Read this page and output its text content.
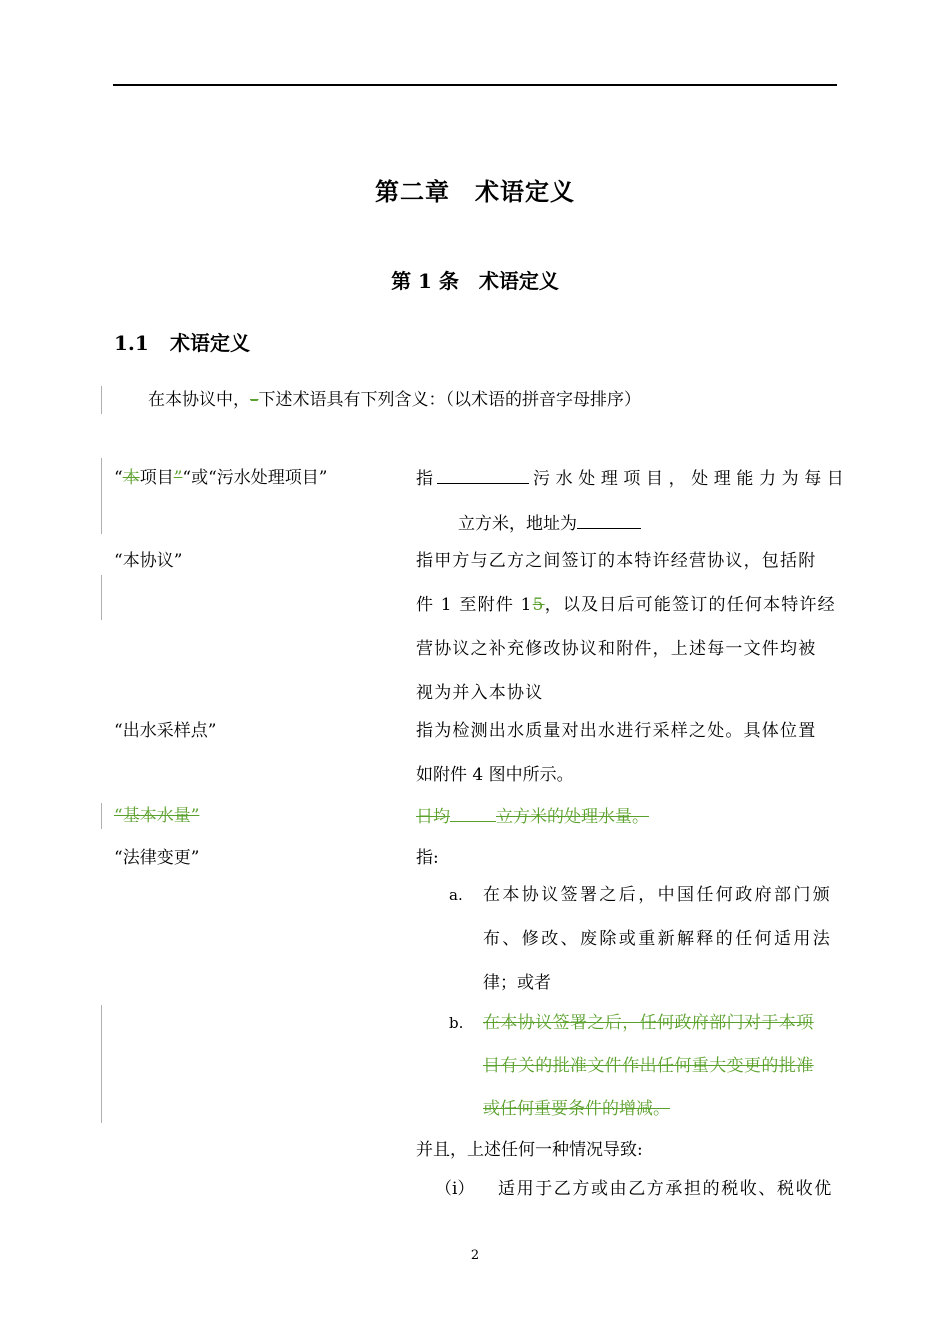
第二章　术语定义
第 1 条　术语定义
1.1 术语定义
在本协议中，–下述术语具有下列含义：（以术语的拼音字母排序）
“本项目”“或“污水处理项目”	指	污水处理项目，处理能力为每日
立方米，地址为
“本协议”	指甲方与乙方之间签订的本特许经营协议，包括附
件 1 至附件 15，以及日后可能签订的任何本特许经
营协议之补充修改协议和附件，上述每一文件均被
视为并入本协议
“出水采样点”	指为检测出水质量对出水进行采样之处。具体位置
如附件 4 图中所示。
“基本水量”	日均	立方米的处理水量。
“法律变更”	指:
a. 在本协议签署之后，中国任何政府部门颁
布、修改、废除或重新解释的任何适用法
律；或者
b. 在本协议签署之后，任何政府部门对于本项
目有关的批准文件作出任何重大变更的批准
或任何重要条件的增减。
并且，上述任何一种情况导致:
（i） 适用于乙方或由乙方承担的税收、税收优
2
